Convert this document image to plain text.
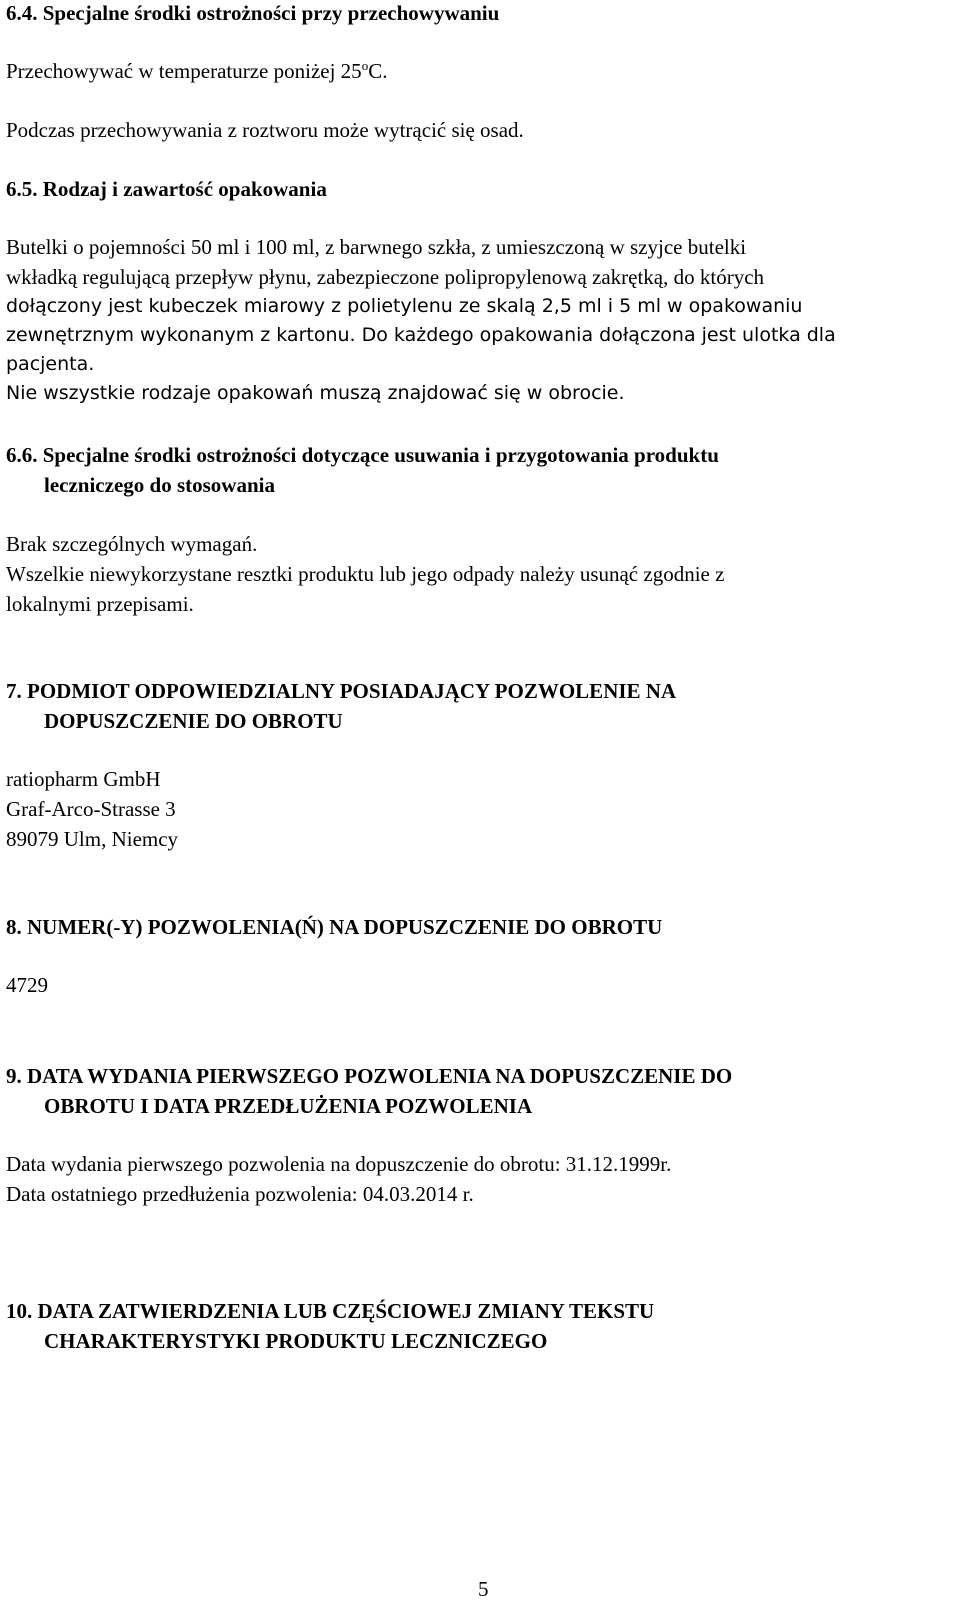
6.4. Specjalne środki ostrożności przy przechowywaniu
Przechowywać w temperaturze poniżej 25$^o$C.
Podczas przechowywania z roztworu może wytrącić się osad.
6.5. Rodzaj i zawartość opakowania
Butelki o pojemności 50 ml i 100 ml, z barwnego szkła, z umieszczoną w szyjce butelki
wkładką regulującą przepływ płynu, zabezpieczone polipropylenową zakrętką, do których
dołączony jest kubeczek miarowy z polietylenu ze skalą 2,5 ml i 5 ml w opakowaniu
zewnętrznym wykonanym z kartonu. Do każdego opakowania dołączona jest ulotka dla
pacjenta.
Nie wszystkie rodzaje opakowań muszą znajdować się w obrocie.
6.6. Specjalne środki ostrożności dotyczące usuwania i przygotowania produktu
leczniczego do stosowania
Brak szczególnych wymagań.
Wszelkie niewykorzystane resztki produktu lub jego odpady należy usunąć zgodnie z
lokalnymi przepisami.
7. PODMIOT ODPOWIEDZIALNY POSIADAJĄCY POZWOLENIE NA
DOPUSZCZENIE DO OBROTU
ratiopharm GmbH
Graf-Arco-Strasse 3
89079 Ulm, Niemcy
8. NUMER(-Y) POZWOLENIA(Ń) NA DOPUSZCZENIE DO OBROTU
4729
9. DATA WYDANIA PIERWSZEGO POZWOLENIA NA DOPUSZCZENIE DO
OBROTU I DATA PRZEDŁUŻENIA POZWOLENIA
Data wydania pierwszego pozwolenia na dopuszczenie do obrotu: 31.12.1999r.
Data ostatniego przedłużenia pozwolenia: 04.03.2014 r.
10. DATA ZATWIERDZENIA LUB CZĘŚCIOWEJ ZMIANY TEKSTU
CHARAKTERYSTYKI PRODUKTU LECZNICZEGO
5
